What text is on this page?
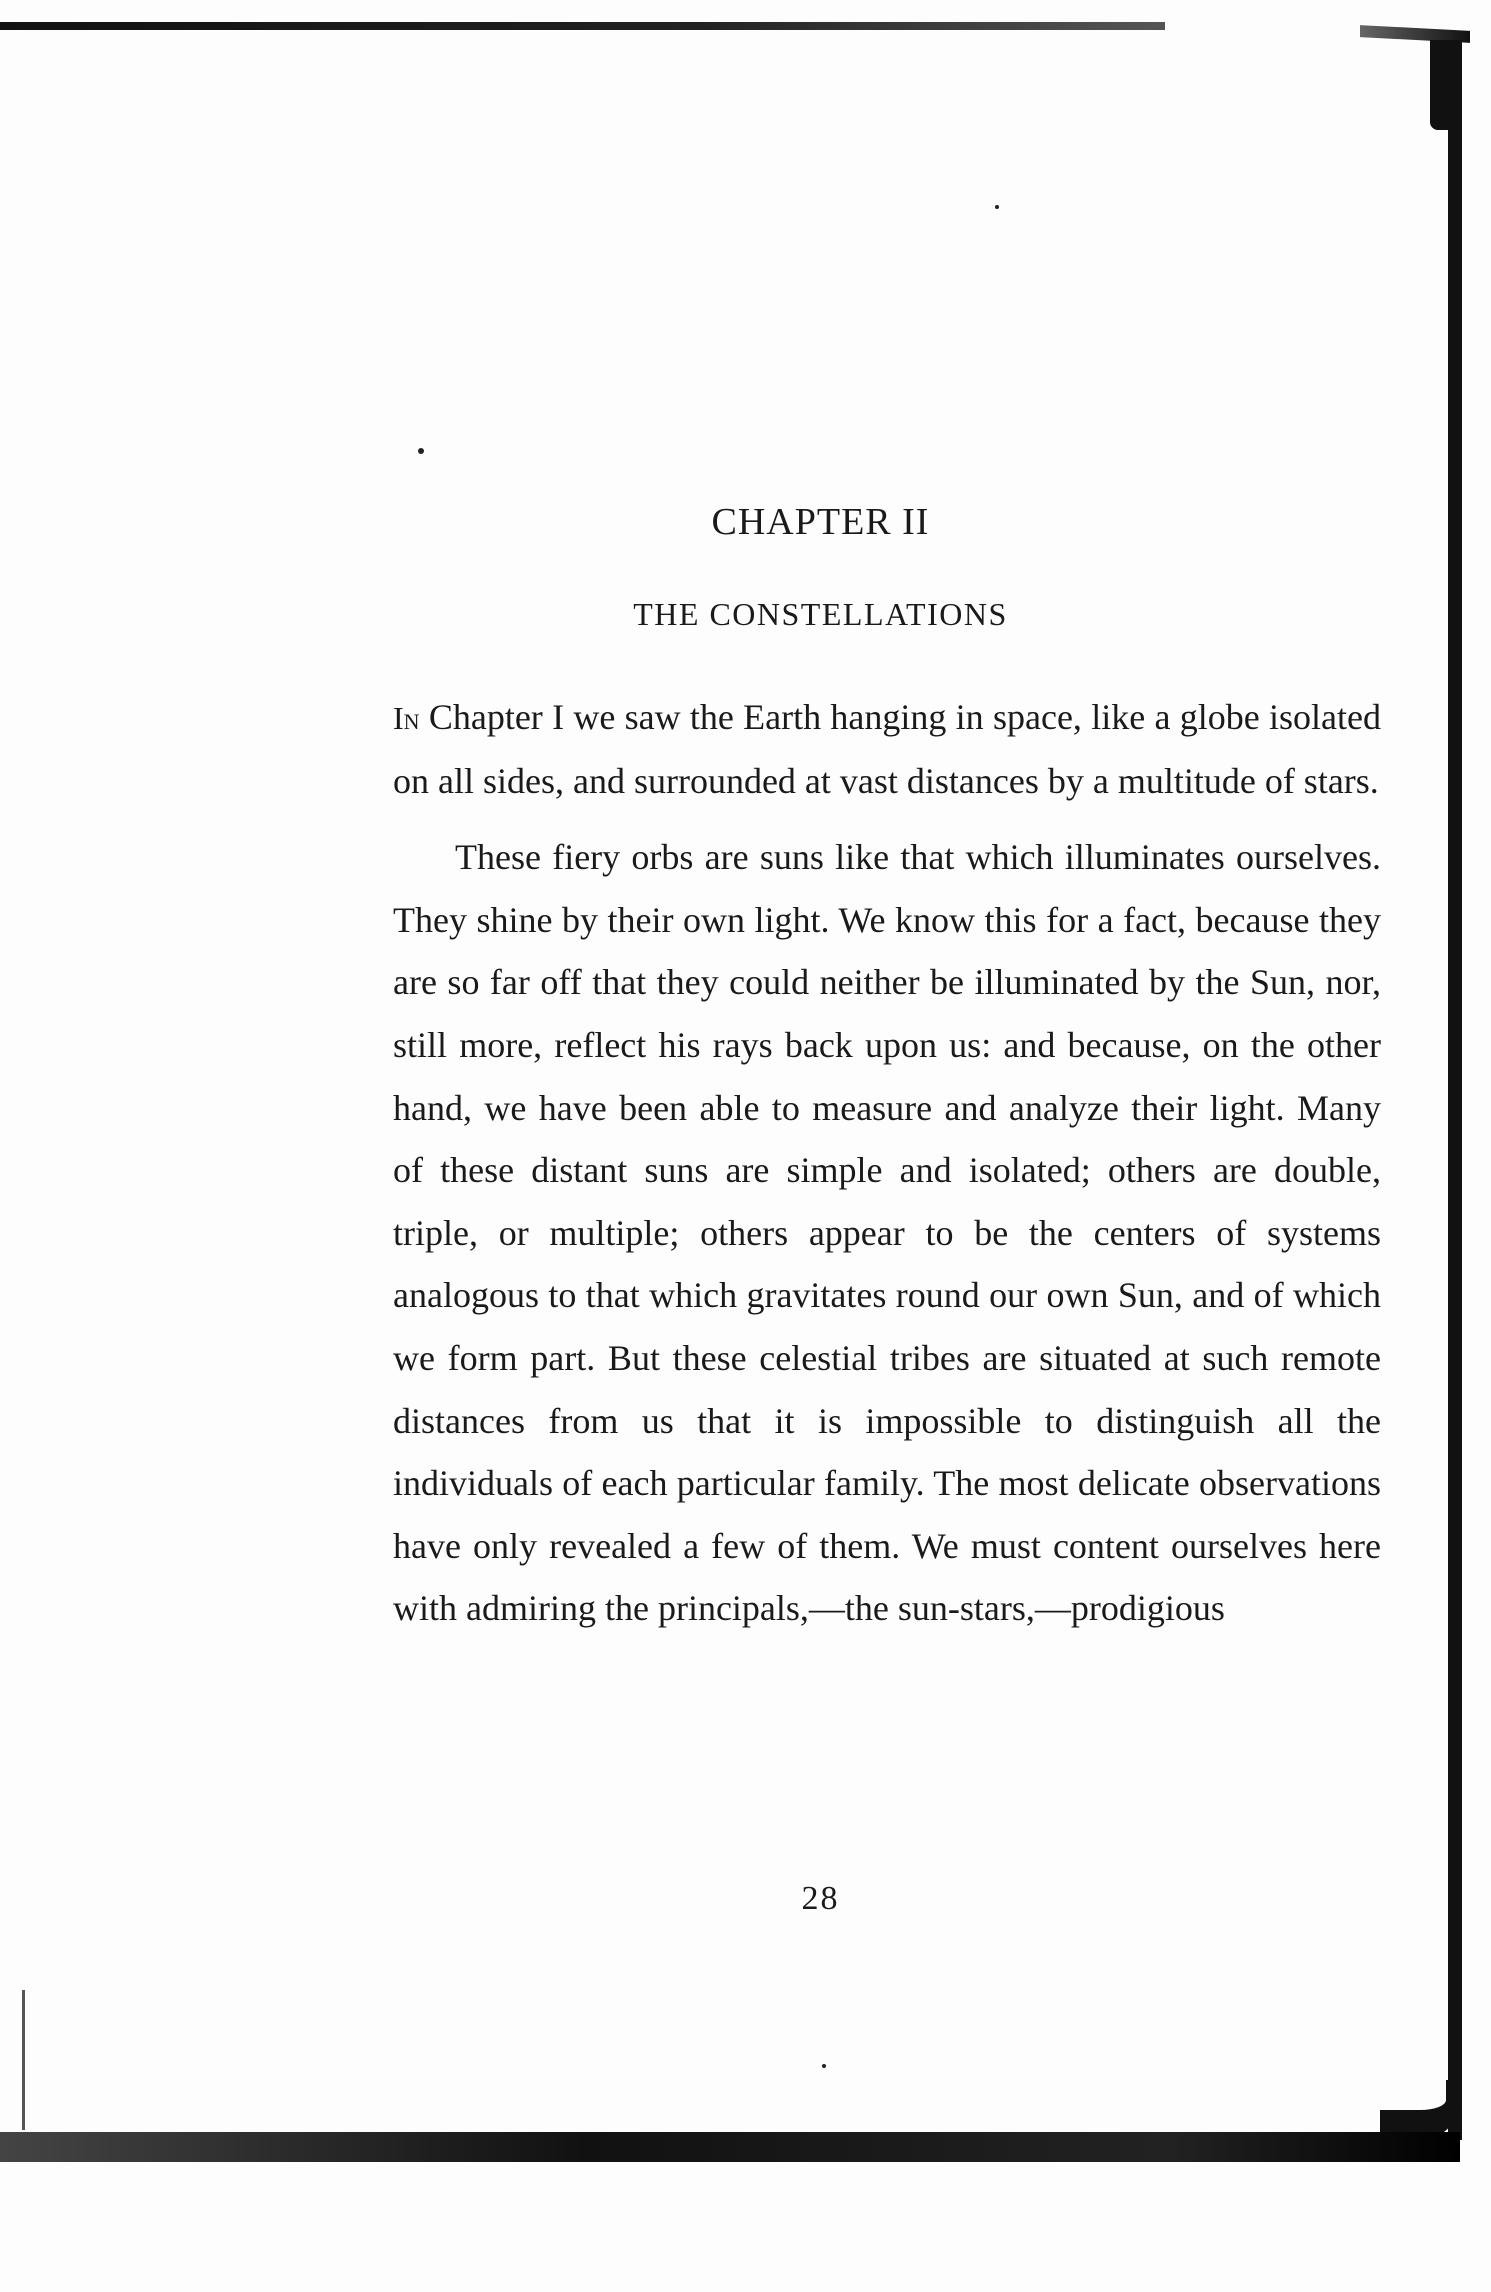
CHAPTER II
THE CONSTELLATIONS

In Chapter I we saw the Earth hanging in space, like a globe isolated on all sides, and surrounded at vast distances by a multitude of stars.

These fiery orbs are suns like that which illuminates ourselves. They shine by their own light. We know this for a fact, because they are so far off that they could neither be illuminated by the Sun, nor, still more, reflect his rays back upon us: and because, on the other hand, we have been able to measure and analyze their light. Many of these distant suns are simple and isolated; others are double, triple, or multiple; others appear to be the centers of systems analogous to that which gravitates round our own Sun, and of which we form part. But these celestial tribes are situated at such remote distances from us that it is impossible to distinguish all the individuals of each particular family. The most delicate observations have only revealed a few of them. We must content ourselves here with admiring the principals,—the sun-stars,—prodigious

28
